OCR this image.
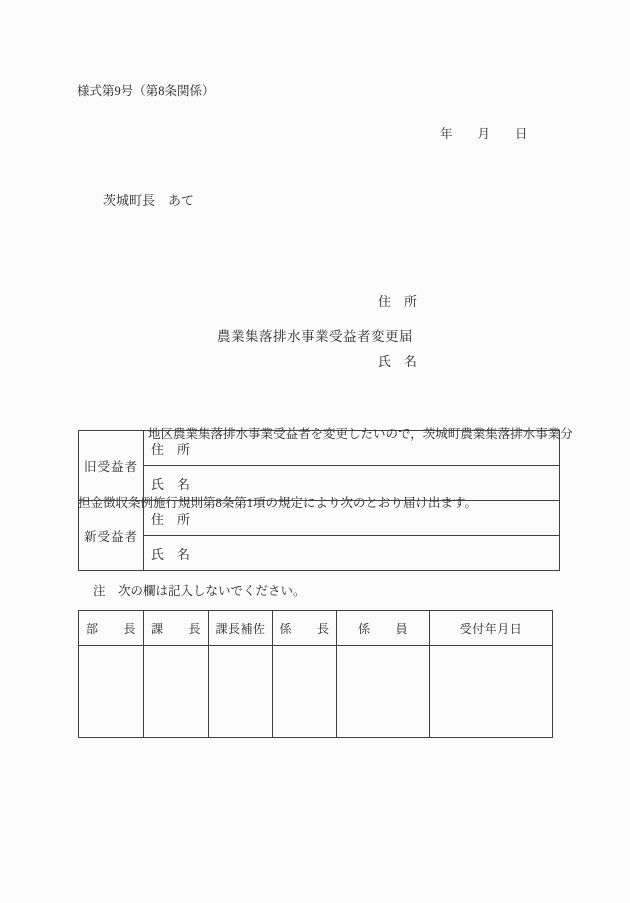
様式第9号（第8条関係）
年　　月　　日
茨城町長　あて

住　所

氏　名

農業集落排水事業受益者変更届

地区農業集落排水事業受益者を変更したいので，茨城町農業集落排水事業分

担金徴収条例施行規則第8条第1項の規定により次のとおり届け出ます。

旧受益者	住　所
	氏　名
新受益者	住　所
	氏　名
注　次の欄は記入しないでください。
部　　長	課　　長	課長補佐	係　　長	係　　員	受付年月日
